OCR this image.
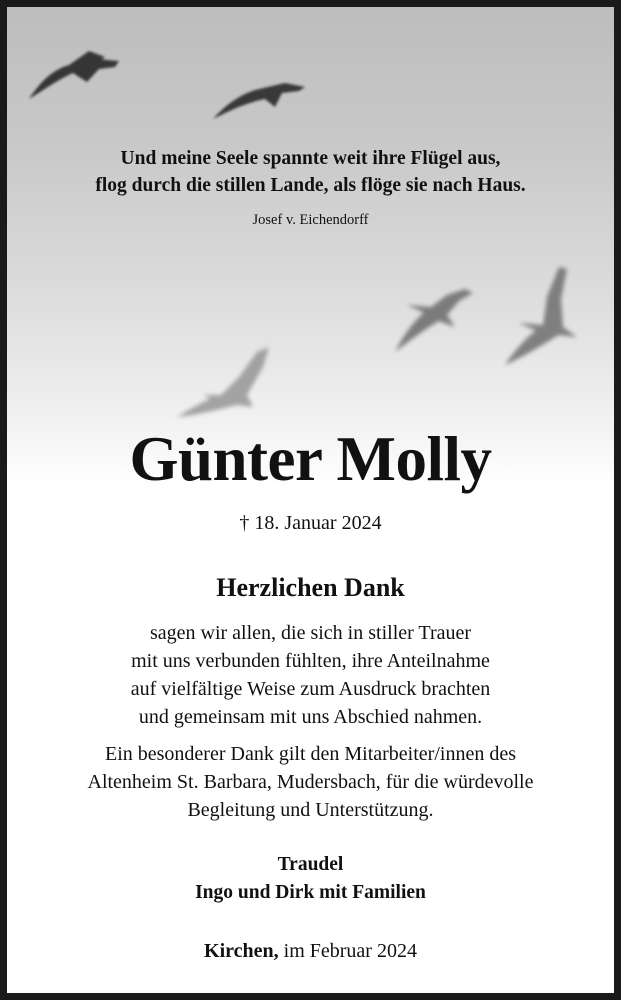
Und meine Seele spannte weit ihre Flügel aus,
flog durch die stillen Lande, als flöge sie nach Haus.
Josef v. Eichendorff
Günter Molly
† 18. Januar 2024
Herzlichen Dank
sagen wir allen, die sich in stiller Trauer
mit uns verbunden fühlten, ihre Anteilnahme
auf vielfältige Weise zum Ausdruck brachten
und gemeinsam mit uns Abschied nahmen.
Ein besonderer Dank gilt den Mitarbeiter/innen des
Altenheim St. Barbara, Mudersbach, für die würdevolle
Begleitung und Unterstützung.
Traudel
Ingo und Dirk mit Familien
Kirchen, im Februar 2024
